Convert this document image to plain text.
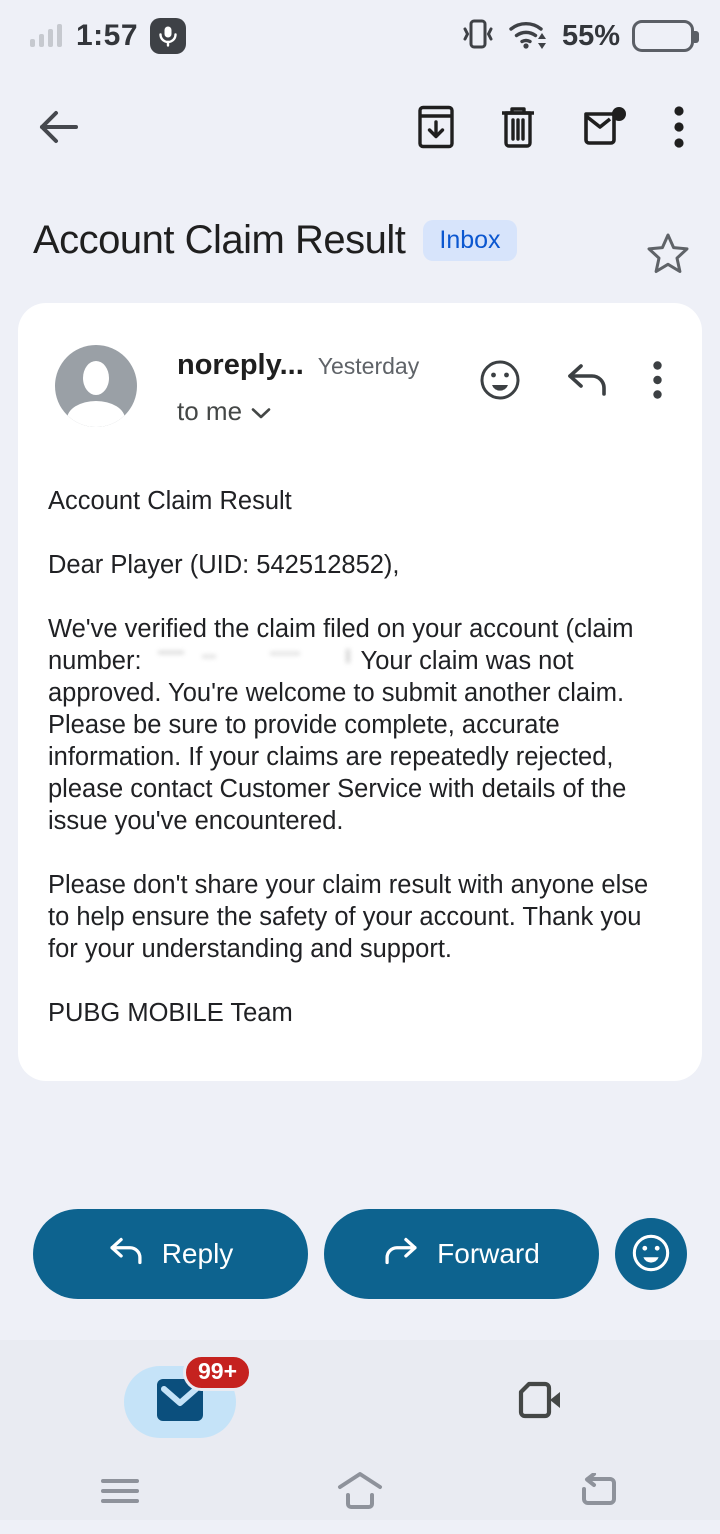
1:57	55%
Account Claim Result	Inbox
noreply... Yesterday
to me

Account Claim Result

Dear Player (UID: 542512852),

We've verified the claim filed on your account (claim number:	Your claim was not approved. You're welcome to submit another claim. Please be sure to provide complete, accurate information. If your claims are repeatedly rejected, please contact Customer Service with details of the issue you've encountered.

Please don't share your claim result with anyone else to help ensure the safety of your account. Thank you for your understanding and support.

PUBG MOBILE Team

Reply	Forward
99+
